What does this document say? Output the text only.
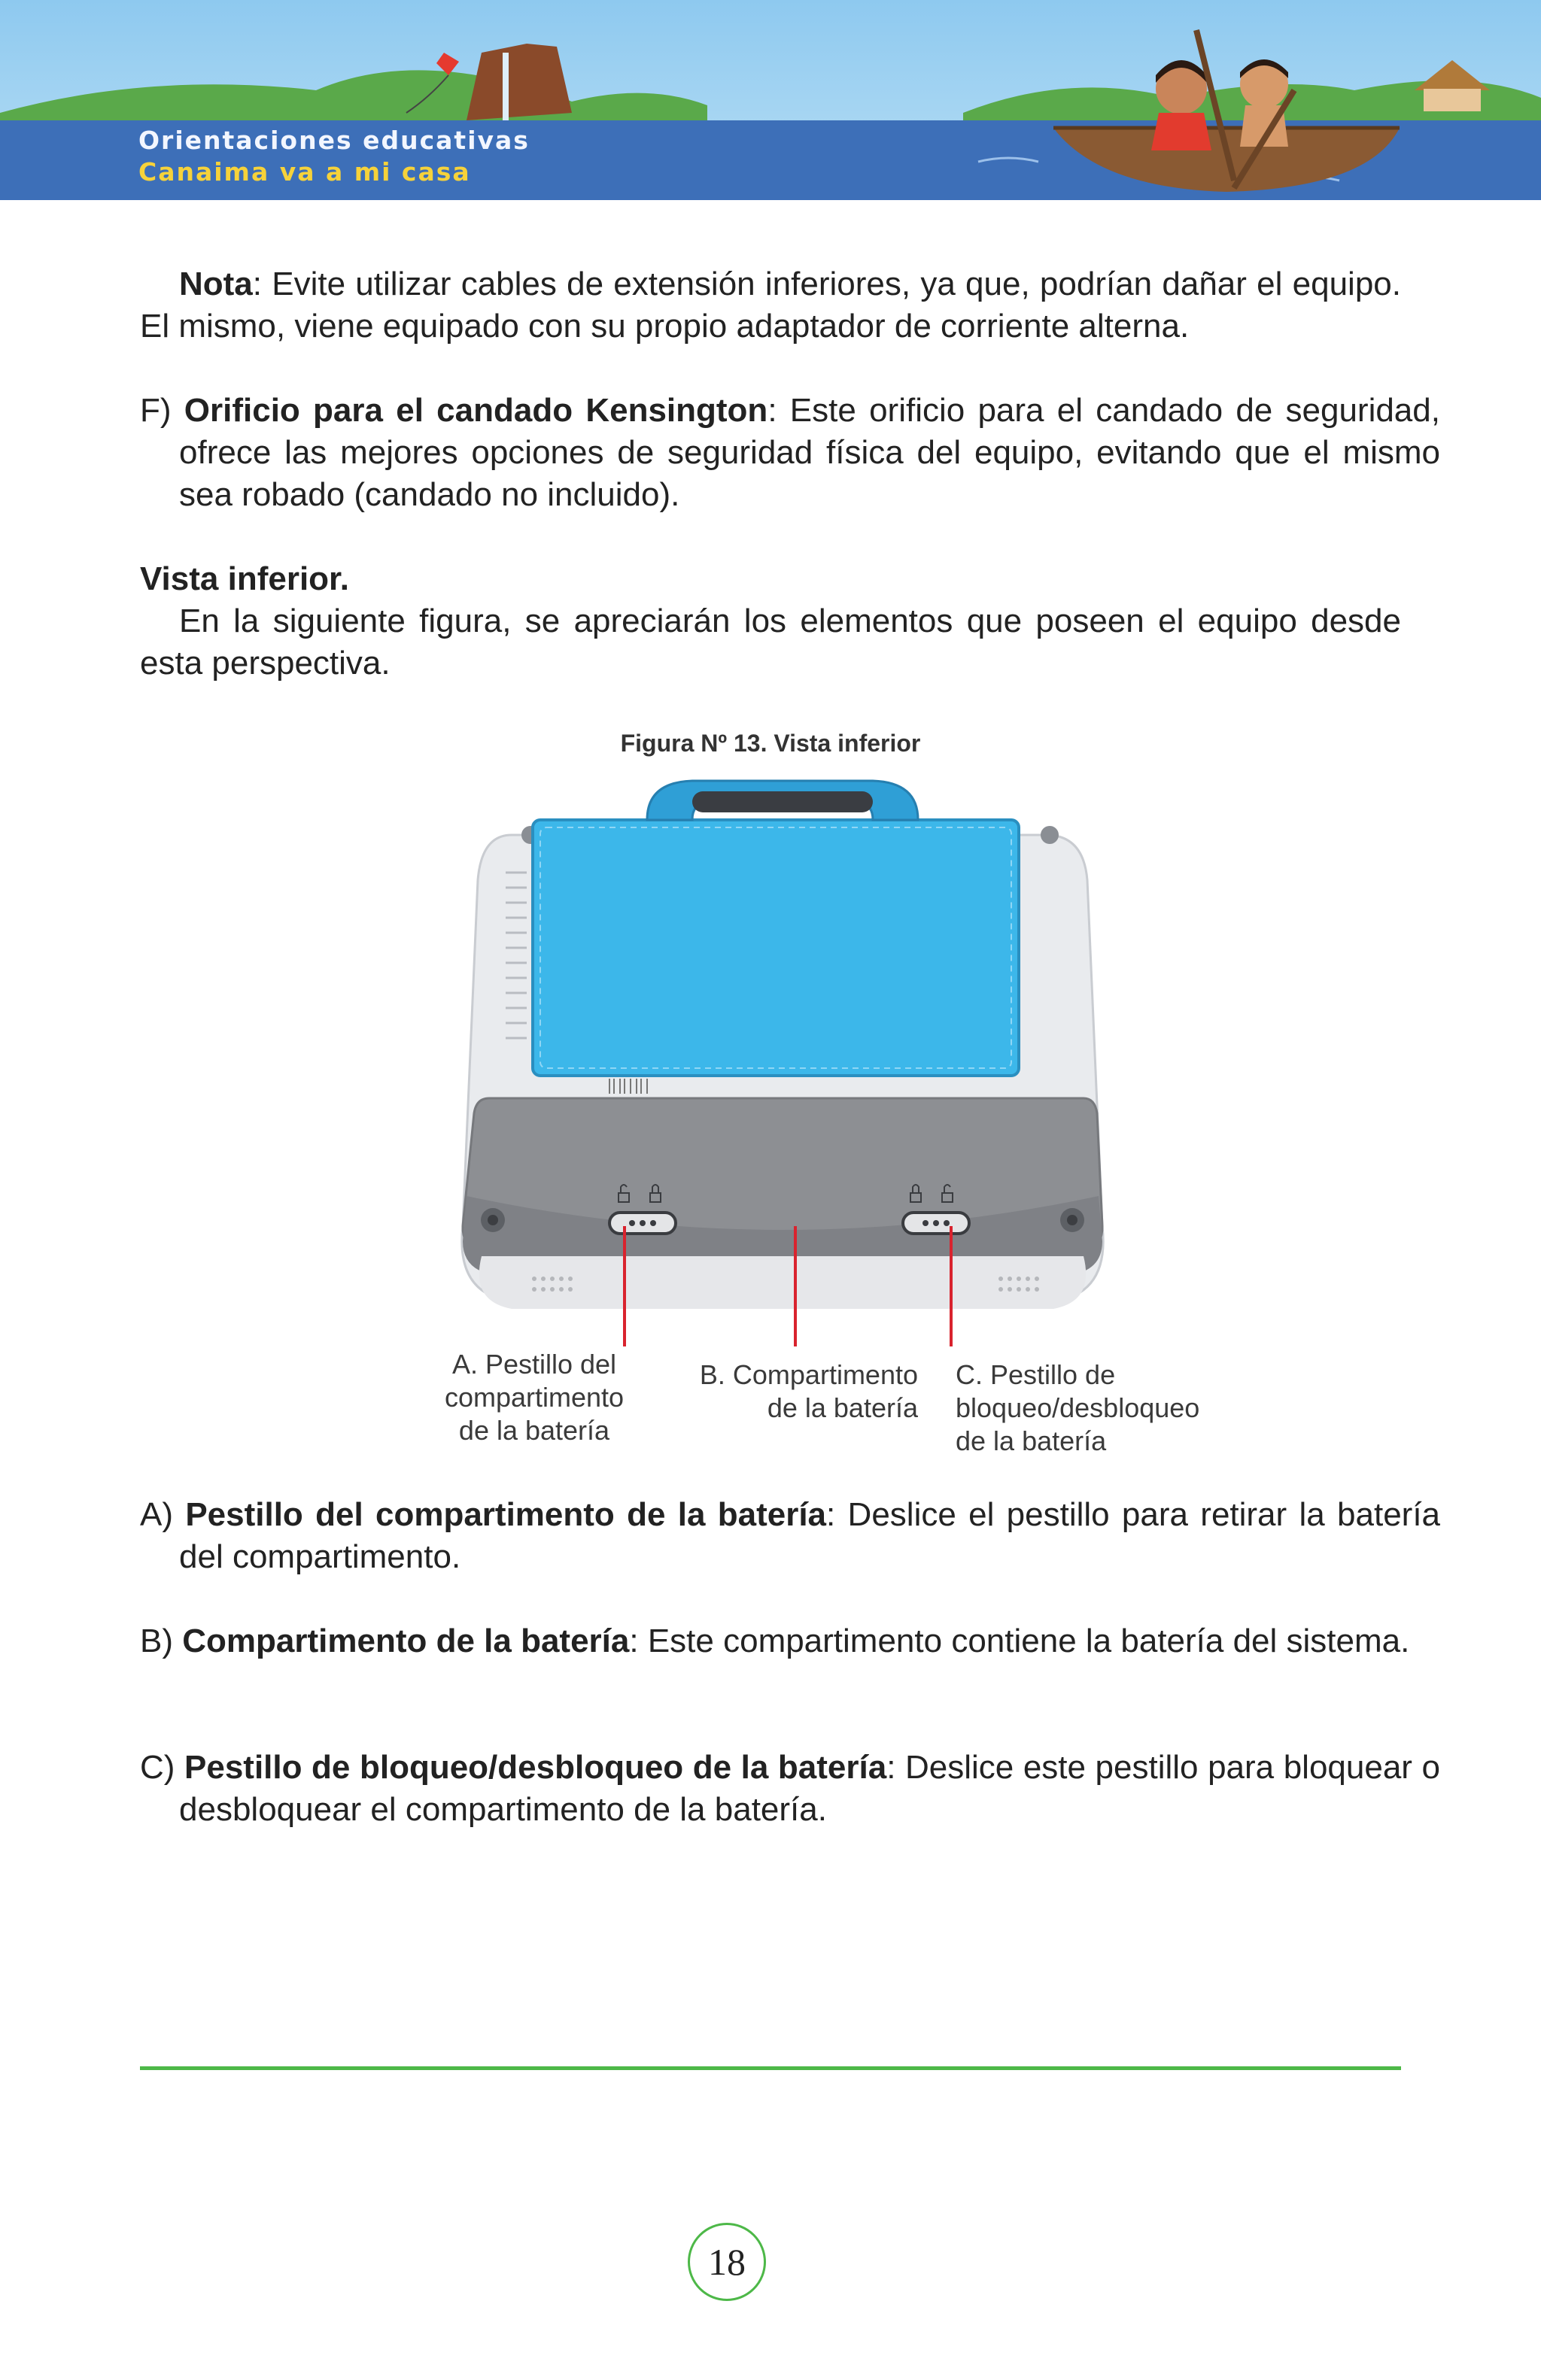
Orientaciones educativas
Canaima va a mi casa
Nota: Evite utilizar cables de extensión inferiores, ya que, podrían dañar el equipo. El mismo, viene equipado con su propio adaptador de corriente alterna.
F) Orificio para el candado Kensington: Este orificio para el candado de seguridad, ofrece las mejores opciones de seguridad física del equipo, evitando que el mismo sea robado (candado no incluido).
Vista inferior.
En la siguiente figura, se apreciarán los elementos que poseen el equipo desde esta perspectiva.
Figura Nº 13. Vista inferior
A. Pestillo del
compartimento
de la batería
B. Compartimento
de la batería
C. Pestillo de
bloqueo/desbloqueo
de la batería
A) Pestillo del compartimento de la batería: Deslice el pestillo para retirar la batería del compartimento.
B) Compartimento de la batería: Este compartimento contiene la batería del sistema.
C) Pestillo de bloqueo/desbloqueo de la batería: Deslice este pestillo para bloquear o desbloquear el compartimento de la batería.
18
